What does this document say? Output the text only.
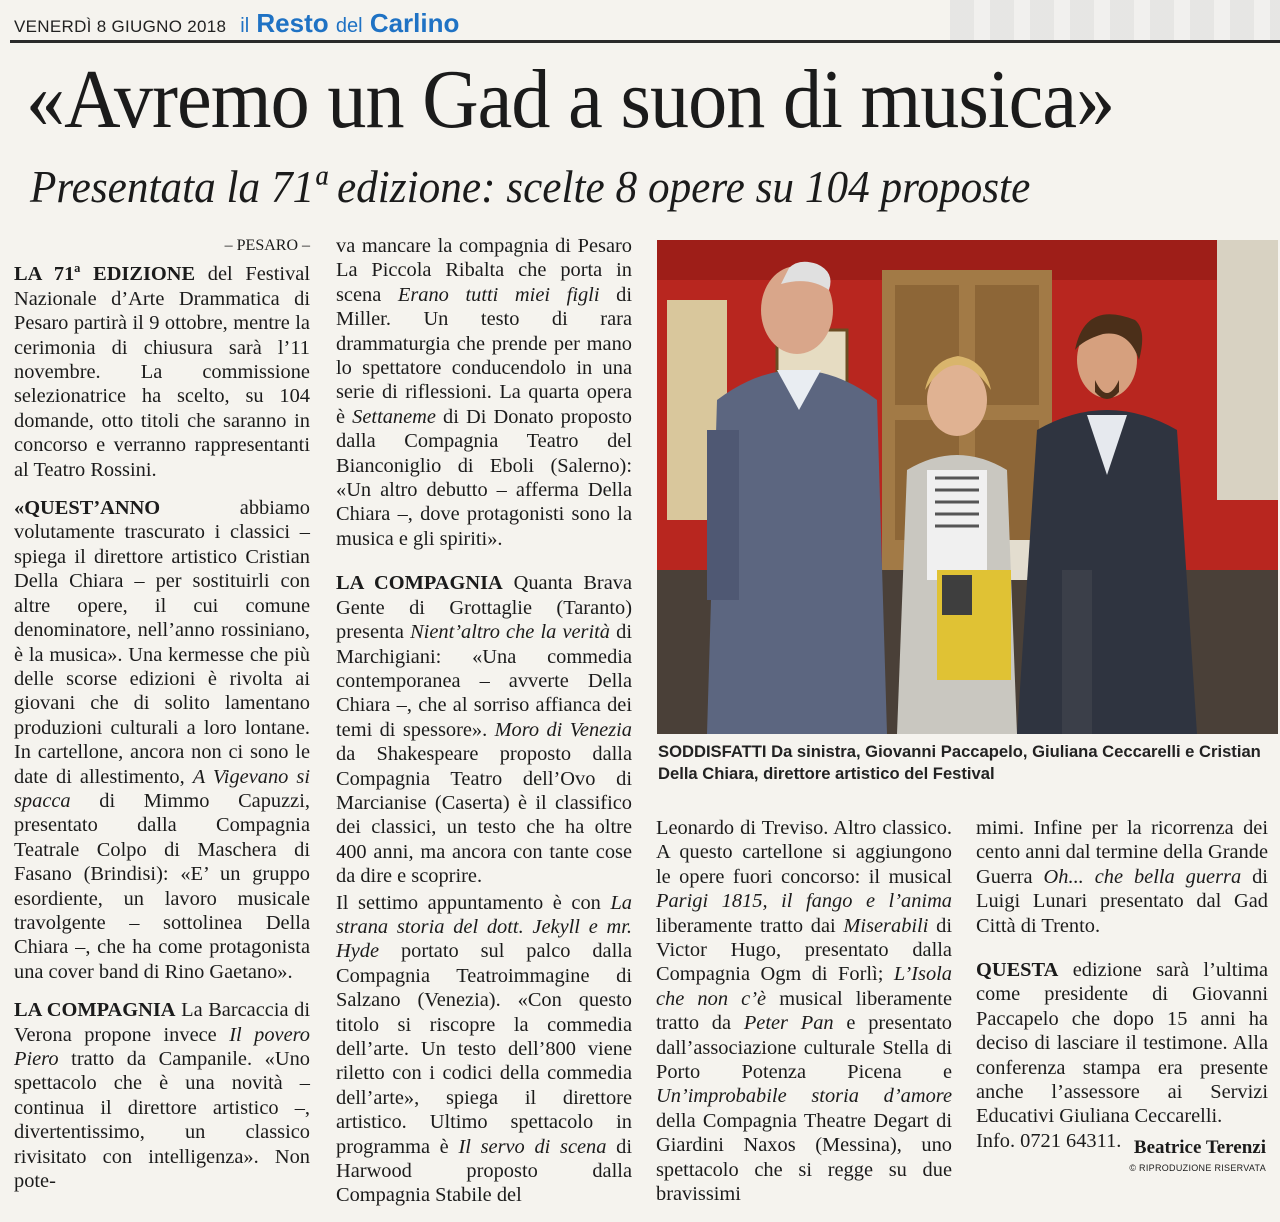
VENERDÌ 8 GIUGNO 2018 il Resto del Carlino
«Avremo un Gad a suon di musica»
Presentata la 71ª edizione: scelte 8 opere su 104 proposte
– PESARO –

LA 71ª EDIZIONE del Festival Nazionale d’Arte Drammatica di Pesaro partirà il 9 ottobre, mentre la cerimonia di chiusura sarà l’11 novembre. La commissione selezionatrice ha scelto, su 104 domande, otto titoli che saranno in concorso e verranno rappresentanti al Teatro Rossini.

«QUEST’ANNO abbiamo volutamente trascurato i classici – spiega il direttore artistico Cristian Della Chiara – per sostituirli con altre opere, il cui comune denominatore, nell’anno rossiniano, è la musica». Una kermesse che più delle scorse edizioni è rivolta ai giovani che di solito lamentano produzioni culturali a loro lontane. In cartellone, ancora non ci sono le date di allestimento, A Vigevano si spacca di Mimmo Capuzzi, presentato dalla Compagnia Teatrale Colpo di Maschera di Fasano (Brindisi): «E’ un gruppo esordiente, un lavoro musicale travolgente – sottolinea Della Chiara –, che ha come protagonista una cover band di Rino Gaetano».

LA COMPAGNIA La Barcaccia di Verona propone invece Il povero Piero tratto da Campanile. «Uno spettacolo che è una novità – continua il direttore artistico –, divertentissimo, un classico rivisitato con intelligenza». Non pote-

va mancare la compagnia di Pesaro La Piccola Ribalta che porta in scena Erano tutti miei figli di Miller. Un testo di rara drammaturgia che prende per mano lo spettatore conducendolo in una serie di riflessioni. La quarta opera è Settaneme di Di Donato proposto dalla Compagnia Teatro del Bianconiglio di Eboli (Salerno): «Un altro debutto – afferma Della Chiara –, dove protagonisti sono la musica e gli spiriti».

LA COMPAGNIA Quanta Brava Gente di Grottaglie (Taranto) presenta Nient’altro che la verità di Marchigiani: «Una commedia contemporanea – avverte Della Chiara –, che al sorriso affianca dei temi di spessore». Moro di Venezia da Shakespeare proposto dalla Compagnia Teatro dell’Ovo di Marcianise (Caserta) è il classifico dei classici, un testo che ha oltre 400 anni, ma ancora con tante cose da dire e scoprire.

Il settimo appuntamento è con La strana storia del dott. Jekyll e mr. Hyde portato sul palco dalla Compagnia Teatroimmagine di Salzano (Venezia). «Con questo titolo si riscopre la commedia dell’arte. Un testo dell’800 viene riletto con i codici della commedia dell’arte», spiega il direttore artistico. Ultimo spettacolo in programma è Il servo di scena di Harwood proposto dalla Compagnia Stabile del

SODDISFATTI Da sinistra, Giovanni Paccapelo, Giuliana Ceccarelli e Cristian Della Chiara, direttore artistico del Festival

Leonardo di Treviso. Altro classico. A questo cartellone si aggiungono le opere fuori concorso: il musical Parigi 1815, il fango e l’anima liberamente tratto dai Miserabili di Victor Hugo, presentato dalla Compagnia Ogm di Forlì; L’Isola che non c’è musical liberamente tratto da Peter Pan e presentato dall’associazione culturale Stella di Porto Potenza Picena e Un’improbabile storia d’amore della Compagnia Theatre Degart di Giardini Naxos (Messina), uno spettacolo che si regge su due bravissimi

mimi. Infine per la ricorrenza dei cento anni dal termine della Grande Guerra Oh... che bella guerra di Luigi Lunari presentato dal Gad Città di Trento.

QUESTA edizione sarà l’ultima come presidente di Giovanni Paccapelo che dopo 15 anni ha deciso di lasciare il testimone. Alla conferenza stampa era presente anche l’assessore ai Servizi Educativi Giuliana Ceccarelli.
Info. 0721 64311. Beatrice Terenzi
© RIPRODUZIONE RISERVATA
